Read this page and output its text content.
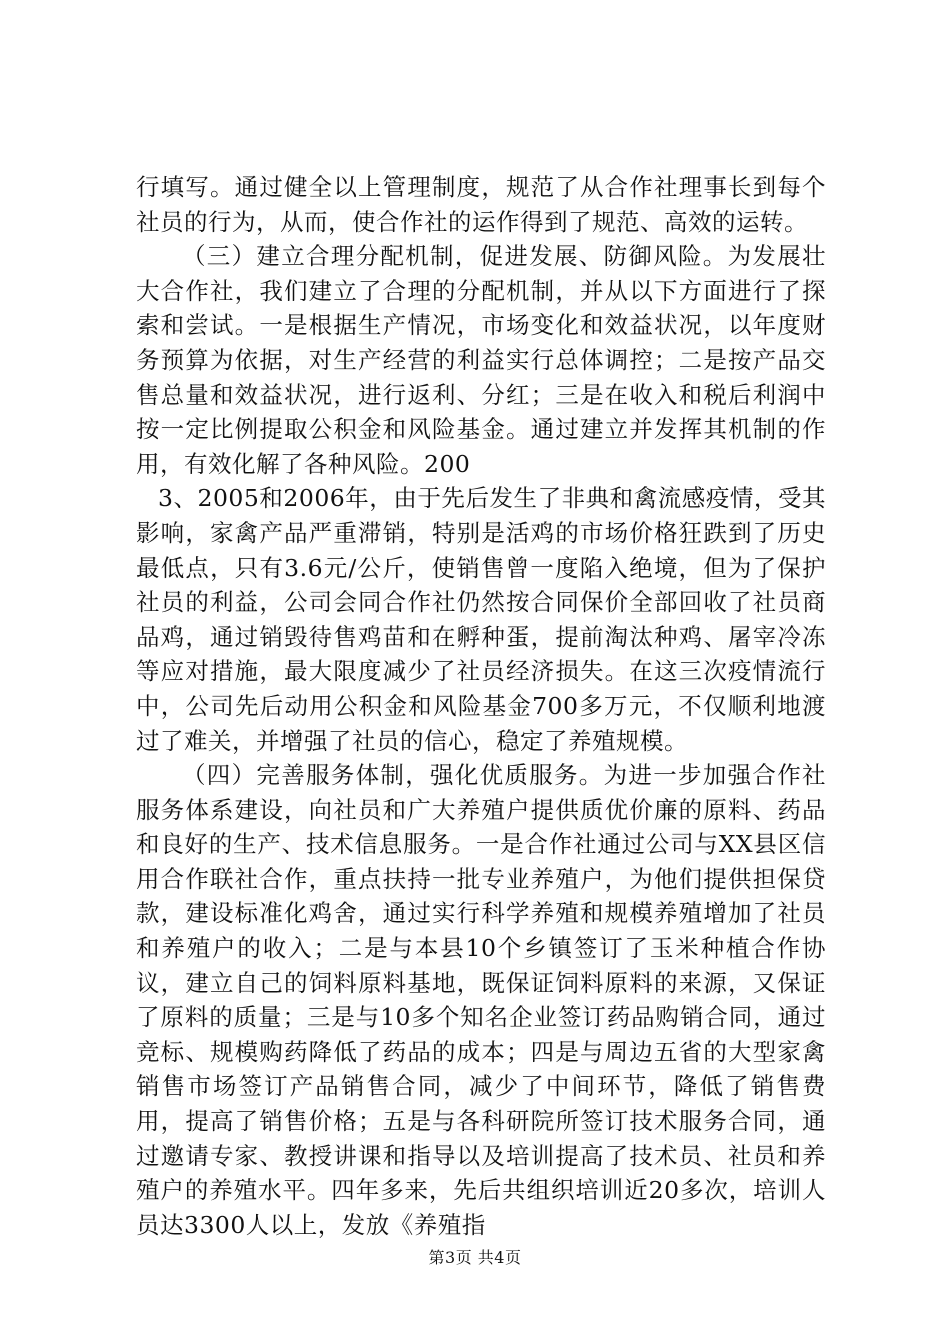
行填写。通过健全以上管理制度，规范了从合作社理事长到每个社员的行为，从而，使合作社的运作得到了规范、高效的运转。

（三）建立合理分配机制，促进发展、防御风险。为发展壮大合作社，我们建立了合理的分配机制，并从以下方面进行了探索和尝试。一是根据生产情况，市场变化和效益状况，以年度财务预算为依据，对生产经营的利益实行总体调控；二是按产品交售总量和效益状况，进行返利、分红；三是在收入和税后利润中按一定比例提取公积金和风险基金。通过建立并发挥其机制的作用，有效化解了各种风险。200

3、2005和2006年，由于先后发生了非典和禽流感疫情，受其影响，家禽产品严重滞销，特别是活鸡的市场价格狂跌到了历史最低点，只有3.6元/公斤，使销售曾一度陷入绝境，但为了保护社员的利益，公司会同合作社仍然按合同保价全部回收了社员商品鸡，通过销毁待售鸡苗和在孵种蛋，提前淘汰种鸡、屠宰冷冻等应对措施，最大限度减少了社员经济损失。在这三次疫情流行中，公司先后动用公积金和风险基金700多万元，不仅顺利地渡过了难关，并增强了社员的信心，稳定了养殖规模。

（四）完善服务体制，强化优质服务。为进一步加强合作社服务体系建设，向社员和广大养殖户提供质优价廉的原料、药品和良好的生产、技术信息服务。一是合作社通过公司与XX县区信用合作联社合作，重点扶持一批专业养殖户，为他们提供担保贷款，建设标准化鸡舍，通过实行科学养殖和规模养殖增加了社员和养殖户的收入；二是与本县10个乡镇签订了玉米种植合作协议，建立自己的饲料原料基地，既保证饲料原料的来源，又保证了原料的质量；三是与10多个知名企业签订药品购销合同，通过竞标、规模购药降低了药品的成本；四是与周边五省的大型家禽销售市场签订产品销售合同，减少了中间环节，降低了销售费用，提高了销售价格；五是与各科研院所签订技术服务合同，通过邀请专家、教授讲课和指导以及培训提高了技术员、社员和养殖户的养殖水平。四年多来，先后共组织培训近20多次，培训人员达3300人以上，发放《养殖指

第3页 共4页
